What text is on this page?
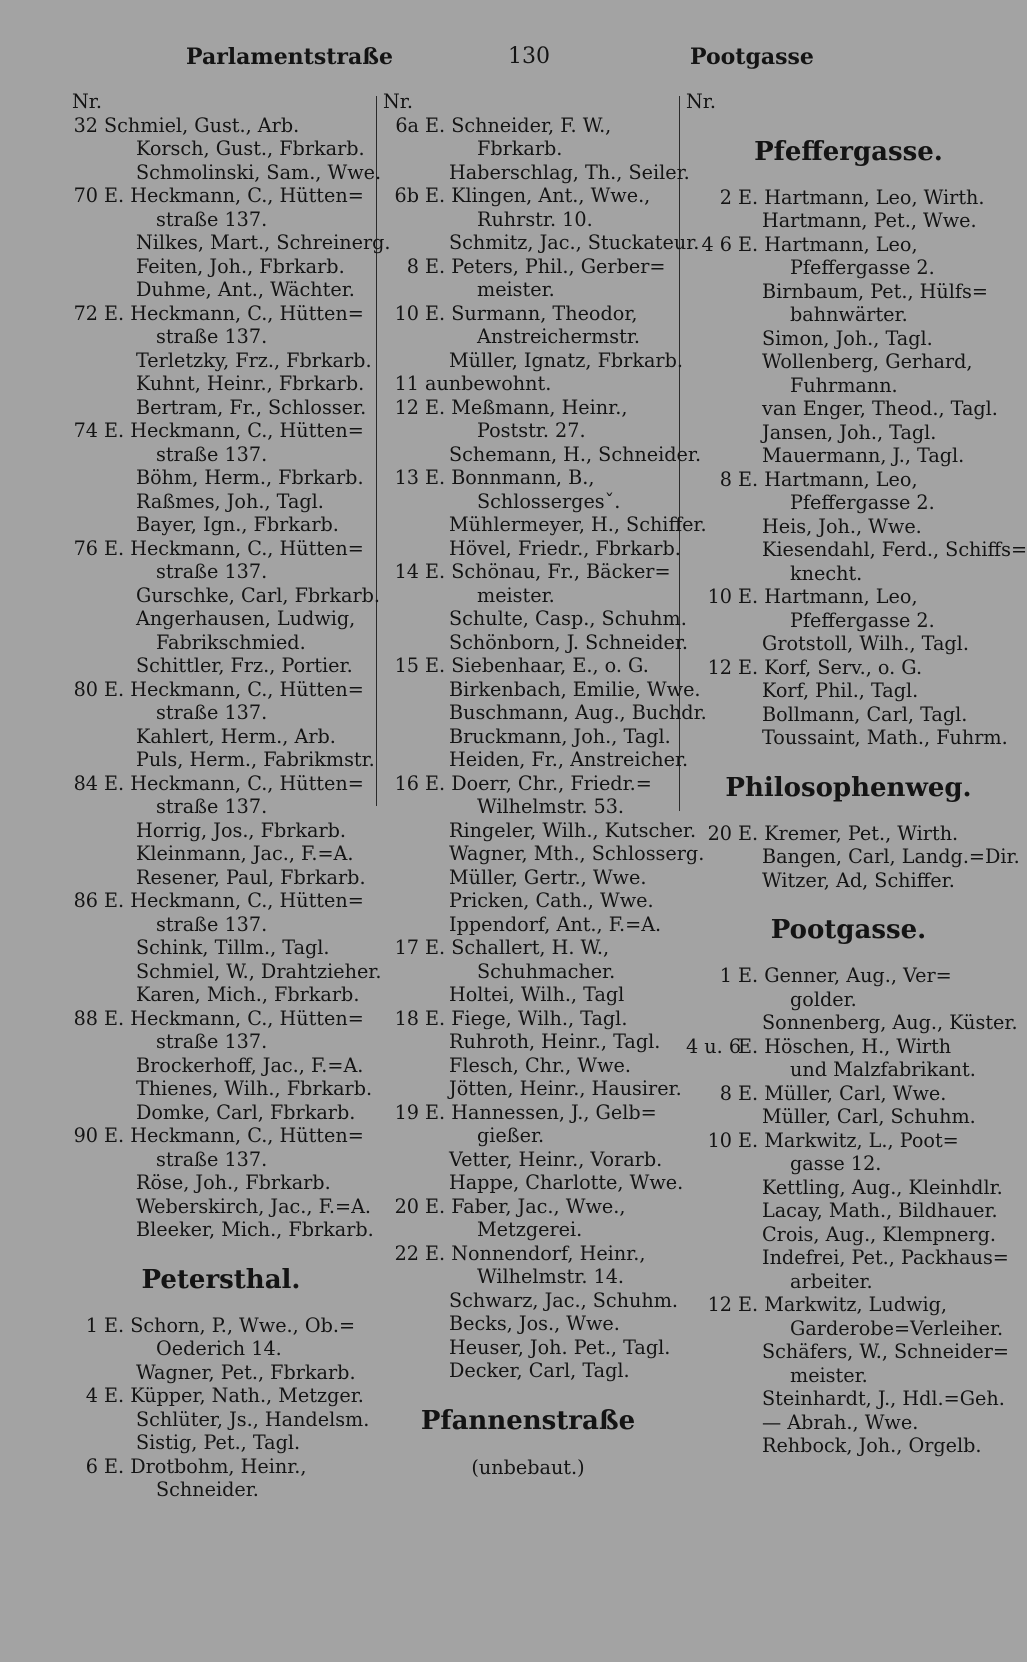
Parlamentstraße	130	Pootgasse
Nr.
32 Schmiel, Gust., Arb.
Korsch, Gust., Fbrkarb.
Schmolinski, Sam., Wwe.
70 E. Heckmann, C., Hütten=
straße 137.
Nilkes, Mart., Schreinerg.
Feiten, Joh., Fbrkarb.
Duhme, Ant., Wächter.
72 E. Heckmann, C., Hütten=
straße 137.
Terletzky, Frz., Fbrkarb.
Kuhnt, Heinr., Fbrkarb.
Bertram, Fr., Schlosser.
74 E. Heckmann, C., Hütten=
straße 137.
Böhm, Herm., Fbrkarb.
Raßmes, Joh., Tagl.
Bayer, Ign., Fbrkarb.
76 E. Heckmann, C., Hütten=
straße 137.
Gurschke, Carl, Fbrkarb.
Angerhausen, Ludwig,
Fabrikschmied.
Schittler, Frz., Portier.
80 E. Heckmann, C., Hütten=
straße 137.
Kahlert, Herm., Arb.
Puls, Herm., Fabrikmstr.
84 E. Heckmann, C., Hütten=
straße 137.
Horrig, Jos., Fbrkarb.
Kleinmann, Jac., F.=A.
Resener, Paul, Fbrkarb.
86 E. Heckmann, C., Hütten=
straße 137.
Schink, Tillm., Tagl.
Schmiel, W., Drahtzieher.
Karen, Mich., Fbrkarb.
88 E. Heckmann, C., Hütten=
straße 137.
Brockerhoff, Jac., F.=A.
Thienes, Wilh., Fbrkarb.
Domke, Carl, Fbrkarb.
90 E. Heckmann, C., Hütten=
straße 137.
Röse, Joh., Fbrkarb.
Weberskirch, Jac., F.=A.
Bleeker, Mich., Fbrkarb.
Petersthal.
1 E. Schorn, P., Wwe., Ob.=
Oederich 14.
Wagner, Pet., Fbrkarb.
4 E. Küpper, Nath., Metzger.
Schlüter, Js., Handelsm.
Sistig, Pet., Tagl.
6 E. Drotbohm, Heinr.,
Schneider.
Nr.
6a E. Schneider, F. W.,
Fbrkarb.
Haberschlag, Th., Seiler.
6b E. Klingen, Ant., Wwe.,
Ruhrstr. 10.
Schmitz, Jac., Stuckateur.
8 E. Peters, Phil., Gerber=
meister.
10 E. Surmann, Theodor,
Anstreichermstr.
Müller, Ignatz, Fbrkarb.
11 aunbewohnt.
12 E. Meßmann, Heinr.,
Poststr. 27.
Schemann, H., Schneider.
13 E. Bonnmann, B.,
Schlossergesˇ.
Mühlermeyer, H., Schiffer.
Hövel, Friedr., Fbrkarb.
14 E. Schönau, Fr., Bäcker=
meister.
Schulte, Casp., Schuhm.
Schönborn, J. Schneider.
15 E. Siebenhaar, E., o. G.
Birkenbach, Emilie, Wwe.
Buschmann, Aug., Buchdr.
Bruckmann, Joh., Tagl.
Heiden, Fr., Anstreicher.
16 E. Doerr, Chr., Friedr.=
Wilhelmstr. 53.
Ringeler, Wilh., Kutscher.
Wagner, Mth., Schlosserg.
Müller, Gertr., Wwe.
Pricken, Cath., Wwe.
Ippendorf, Ant., F.=A.
17 E. Schallert, H. W.,
Schuhmacher.
Holtei, Wilh., Tagl
18 E. Fiege, Wilh., Tagl.
Ruhroth, Heinr., Tagl.
Flesch, Chr., Wwe.
Jötten, Heinr., Hausirer.
19 E. Hannessen, J., Gelb=
gießer.
Vetter, Heinr., Vorarb.
Happe, Charlotte, Wwe.
20 E. Faber, Jac., Wwe.,
Metzgerei.
22 E. Nonnendorf, Heinr.,
Wilhelmstr. 14.
Schwarz, Jac., Schuhm.
Becks, Jos., Wwe.
Heuser, Joh. Pet., Tagl.
Decker, Carl, Tagl.
Pfannenstraße
(unbebaut.)
Nr.
Pfeffergasse.
2 E. Hartmann, Leo, Wirth.
Hartmann, Pet., Wwe.
4 6 E. Hartmann, Leo,
Pfeffergasse 2.
Birnbaum, Pet., Hülfs=
bahnwärter.
Simon, Joh., Tagl.
Wollenberg, Gerhard,
Fuhrmann.
van Enger, Theod., Tagl.
Jansen, Joh., Tagl.
Mauermann, J., Tagl.
8 E. Hartmann, Leo,
Pfeffergasse 2.
Heis, Joh., Wwe.
Kiesendahl, Ferd., Schiffs=
knecht.
10 E. Hartmann, Leo,
Pfeffergasse 2.
Grotstoll, Wilh., Tagl.
12 E. Korf, Serv., o. G.
Korf, Phil., Tagl.
Bollmann, Carl, Tagl.
Toussaint, Math., Fuhrm.
Philosophenweg.
20 E. Kremer, Pet., Wirth.
Bangen, Carl, Landg.=Dir.
Witzer, Ad, Schiffer.
Pootgasse.
1 E. Genner, Aug., Ver=
golder.
Sonnenberg, Aug., Küster.
4 u. 6E. Höschen, H., Wirth
und Malzfabrikant.
8 E. Müller, Carl, Wwe.
Müller, Carl, Schuhm.
10 E. Markwitz, L., Poot=
gasse 12.
Kettling, Aug., Kleinhdlr.
Lacay, Math., Bildhauer.
Crois, Aug., Klempnerg.
Indefrei, Pet., Packhaus=
arbeiter.
12 E. Markwitz, Ludwig,
Garderobe=Verleiher.
Schäfers, W., Schneider=
meister.
Steinhardt, J., Hdl.=Geh.
— Abrah., Wwe.
Rehbock, Joh., Orgelb.
